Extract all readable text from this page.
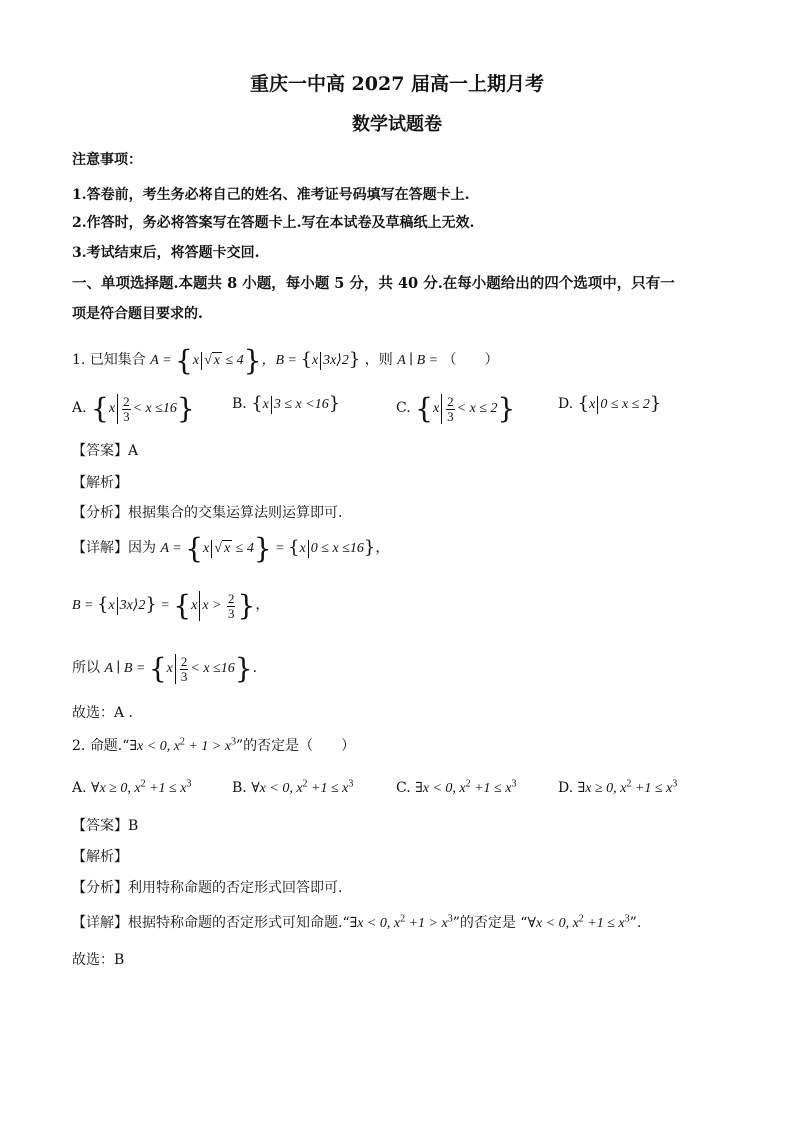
重庆一中高 2027 届高一上期月考
数学试题卷
注意事项：
1.答卷前，考生务必将自己的姓名、准考证号码填写在答题卡上.
2.作答时，务必将答案写在答题卡上.写在本试卷及草稿纸上无效.
3.考试结束后，将答题卡交回.
一、单项选择题.本题共 8 小题，每小题 5 分，共 40 分.在每小题给出的四个选项中，只有一
项是符合题目要求的.
1. 已知集合 A = {x √ x ≤ 4}，B = {x 3x⟩2} ，则 A ∣ B = （　　）
A. $\{x \frac{2}{3} < x \le 16\}$	B. {x 3 ≤ x <16}	C. $\{x \frac{2}{3} < x \le 2\}$	D. {x 0 ≤ x ≤ 2}
【答案】A
【解析】
【分析】根据集合的交集运算法则运算即可.
【详解】因为 A = {x √ x ≤ 4} = {x 0 ≤ x ≤16}，
B = {x 3x⟩2} = {x $x > \frac{2}{3}$ }，
所以 A ∣ $B = \{x \frac{2}{3} < x \le 16\}$.
故选：A .
2. 命题.“∃x < 0, $x^2 + 1 > x^3$”的否定是（　　）
A. ∀x ≥ 0, $x^2 +1 \le x^3$	B. ∀x < 0, $x^2 +1 \le x^3$	C. ∃x < 0, $x^2 +1 \le x^3$	D. ∃x ≥ 0, $x^2 +1 \le x^3$
【答案】B
【解析】
【分析】利用特称命题的否定形式回答即可.
【详解】根据特称命题的否定形式可知命题.“∃x < 0, $x^2 +1 > x^3$”的否定是 “∀x < 0, $x^2 +1 \le x^3$”.
故选：B
